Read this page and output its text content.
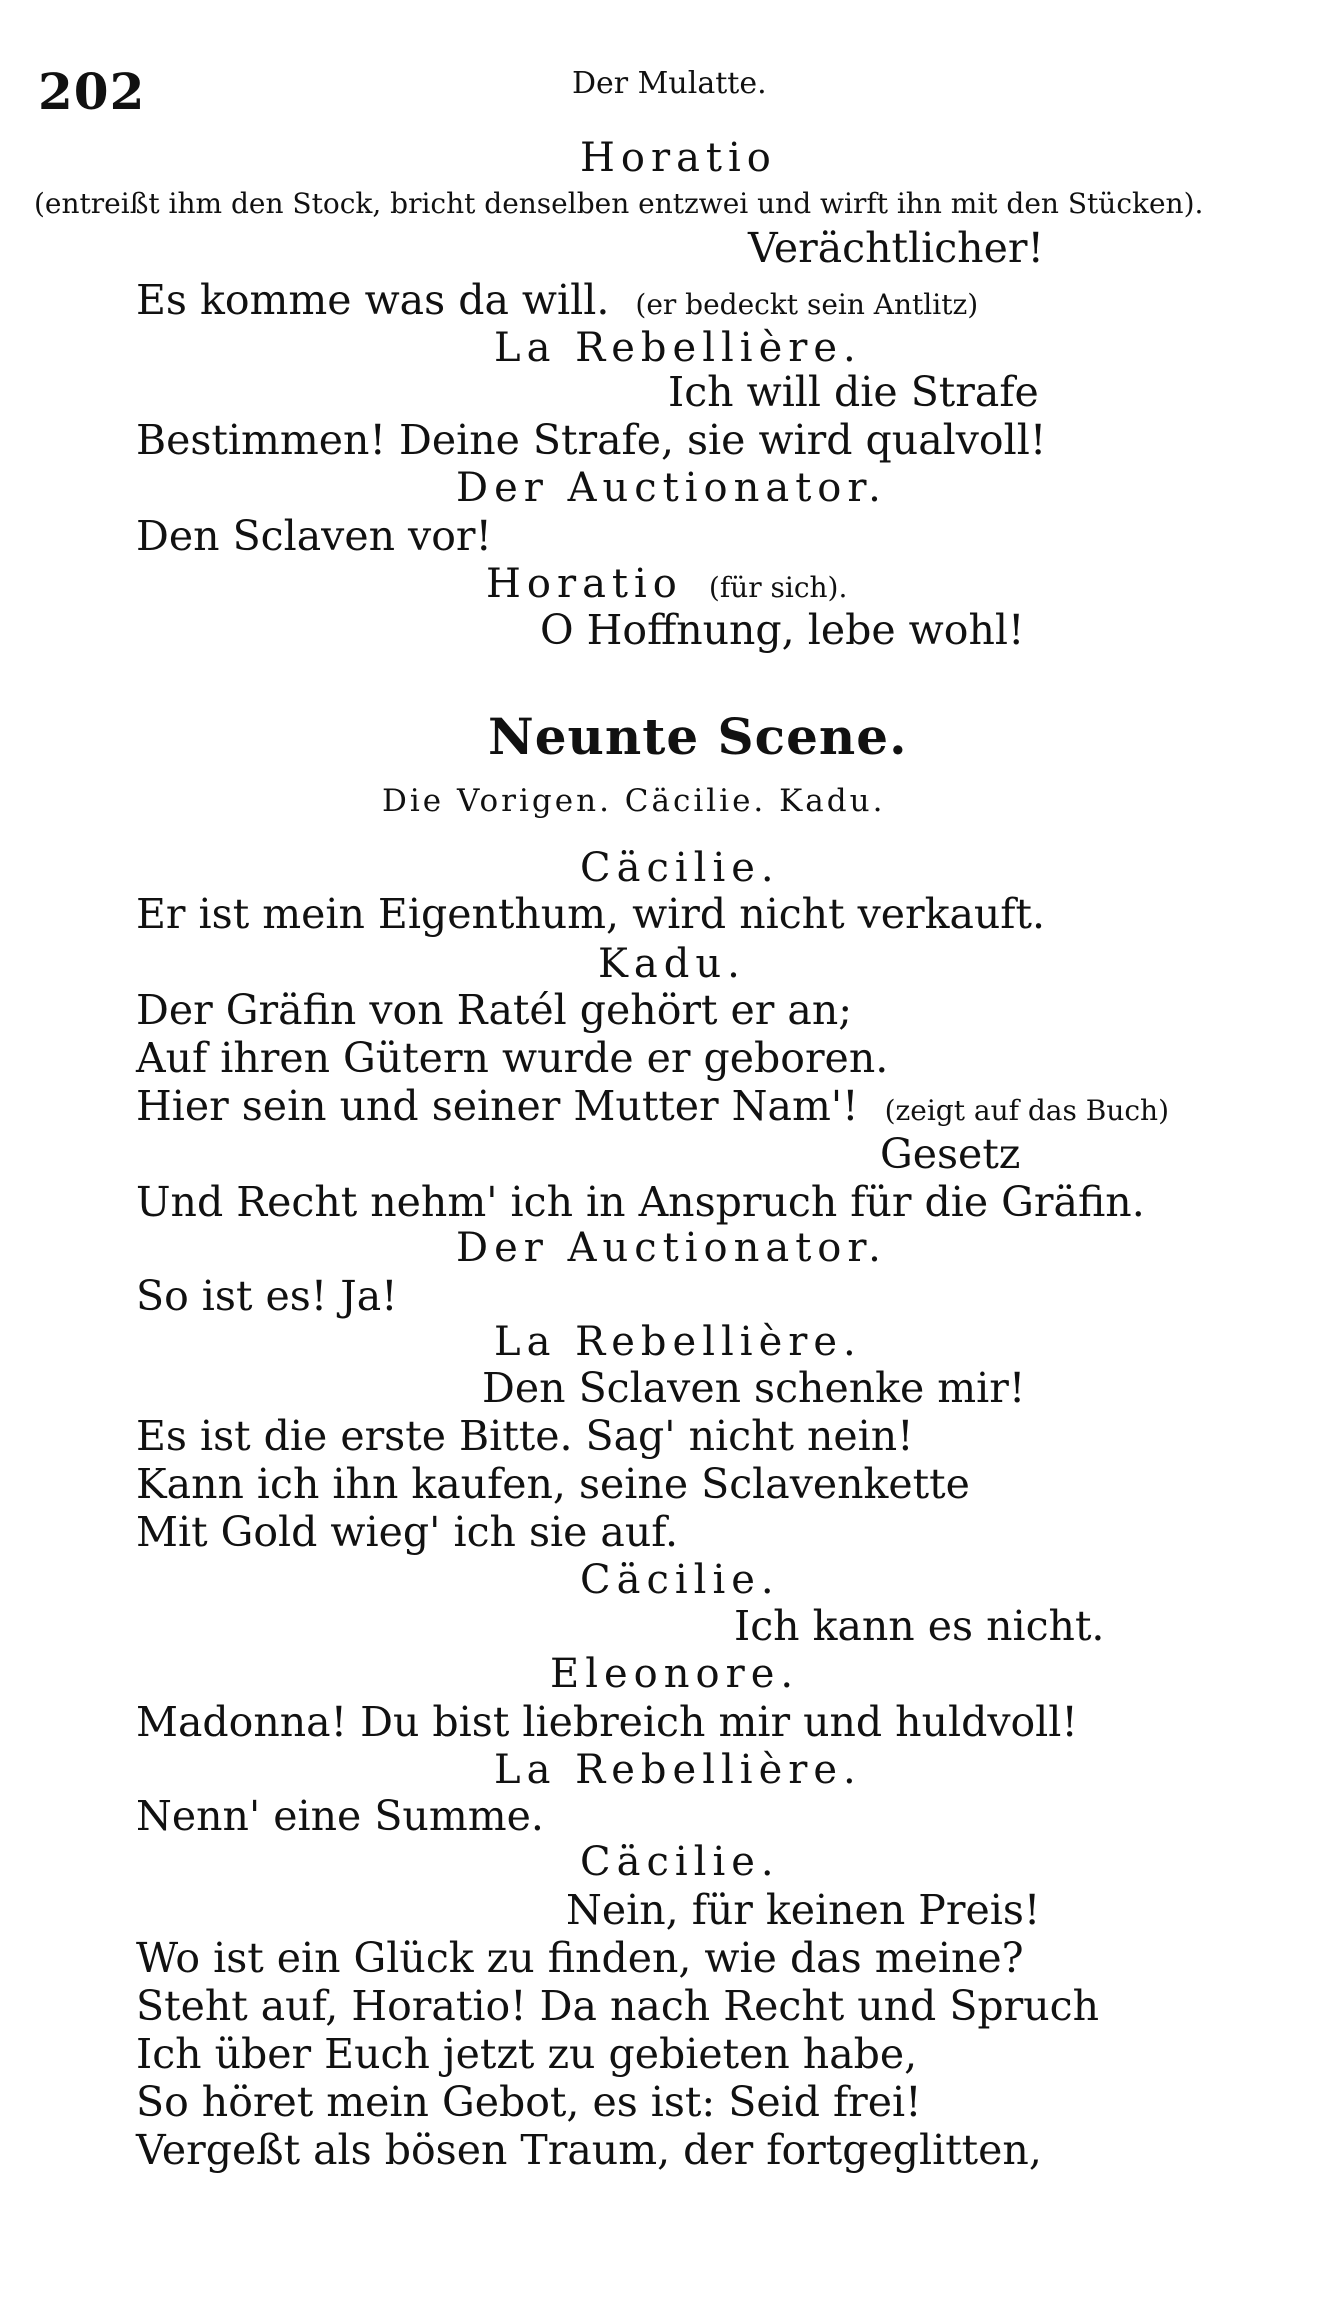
202	Der Mulatte.
Horatio
(entreißt ihm den Stock, bricht denselben entzwei und wirft ihn mit den Stücken).
Verächtlicher!
Es komme was da will. (er bedeckt sein Antlitz)
La Rebellière.
Ich will die Strafe
Bestimmen! Deine Strafe, sie wird qualvoll!
Der Auctionator.
Den Sclaven vor!
Horatio (für sich).
O Hoffnung, lebe wohl!
Neunte Scene.
Die Vorigen. Cäcilie. Kadu.
Cäcilie.
Er ist mein Eigenthum, wird nicht verkauft.
Kadu.
Der Gräfin von Ratél gehört er an;
Auf ihren Gütern wurde er geboren.
Hier sein und seiner Mutter Nam'! (zeigt auf das Buch)
Gesetz
Und Recht nehm' ich in Anspruch für die Gräfin.
Der Auctionator.
So ist es! Ja!
La Rebellière.
Den Sclaven schenke mir!
Es ist die erste Bitte. Sag' nicht nein!
Kann ich ihn kaufen, seine Sclavenkette
Mit Gold wieg' ich sie auf.
Cäcilie.
Ich kann es nicht.
Eleonore.
Madonna! Du bist liebreich mir und huldvoll!
La Rebellière.
Nenn' eine Summe.
Cäcilie.
Nein, für keinen Preis!
Wo ist ein Glück zu finden, wie das meine?
Steht auf, Horatio! Da nach Recht und Spruch
Ich über Euch jetzt zu gebieten habe,
So höret mein Gebot, es ist: Seid frei!
Vergeßt als bösen Traum, der fortgeglitten,
